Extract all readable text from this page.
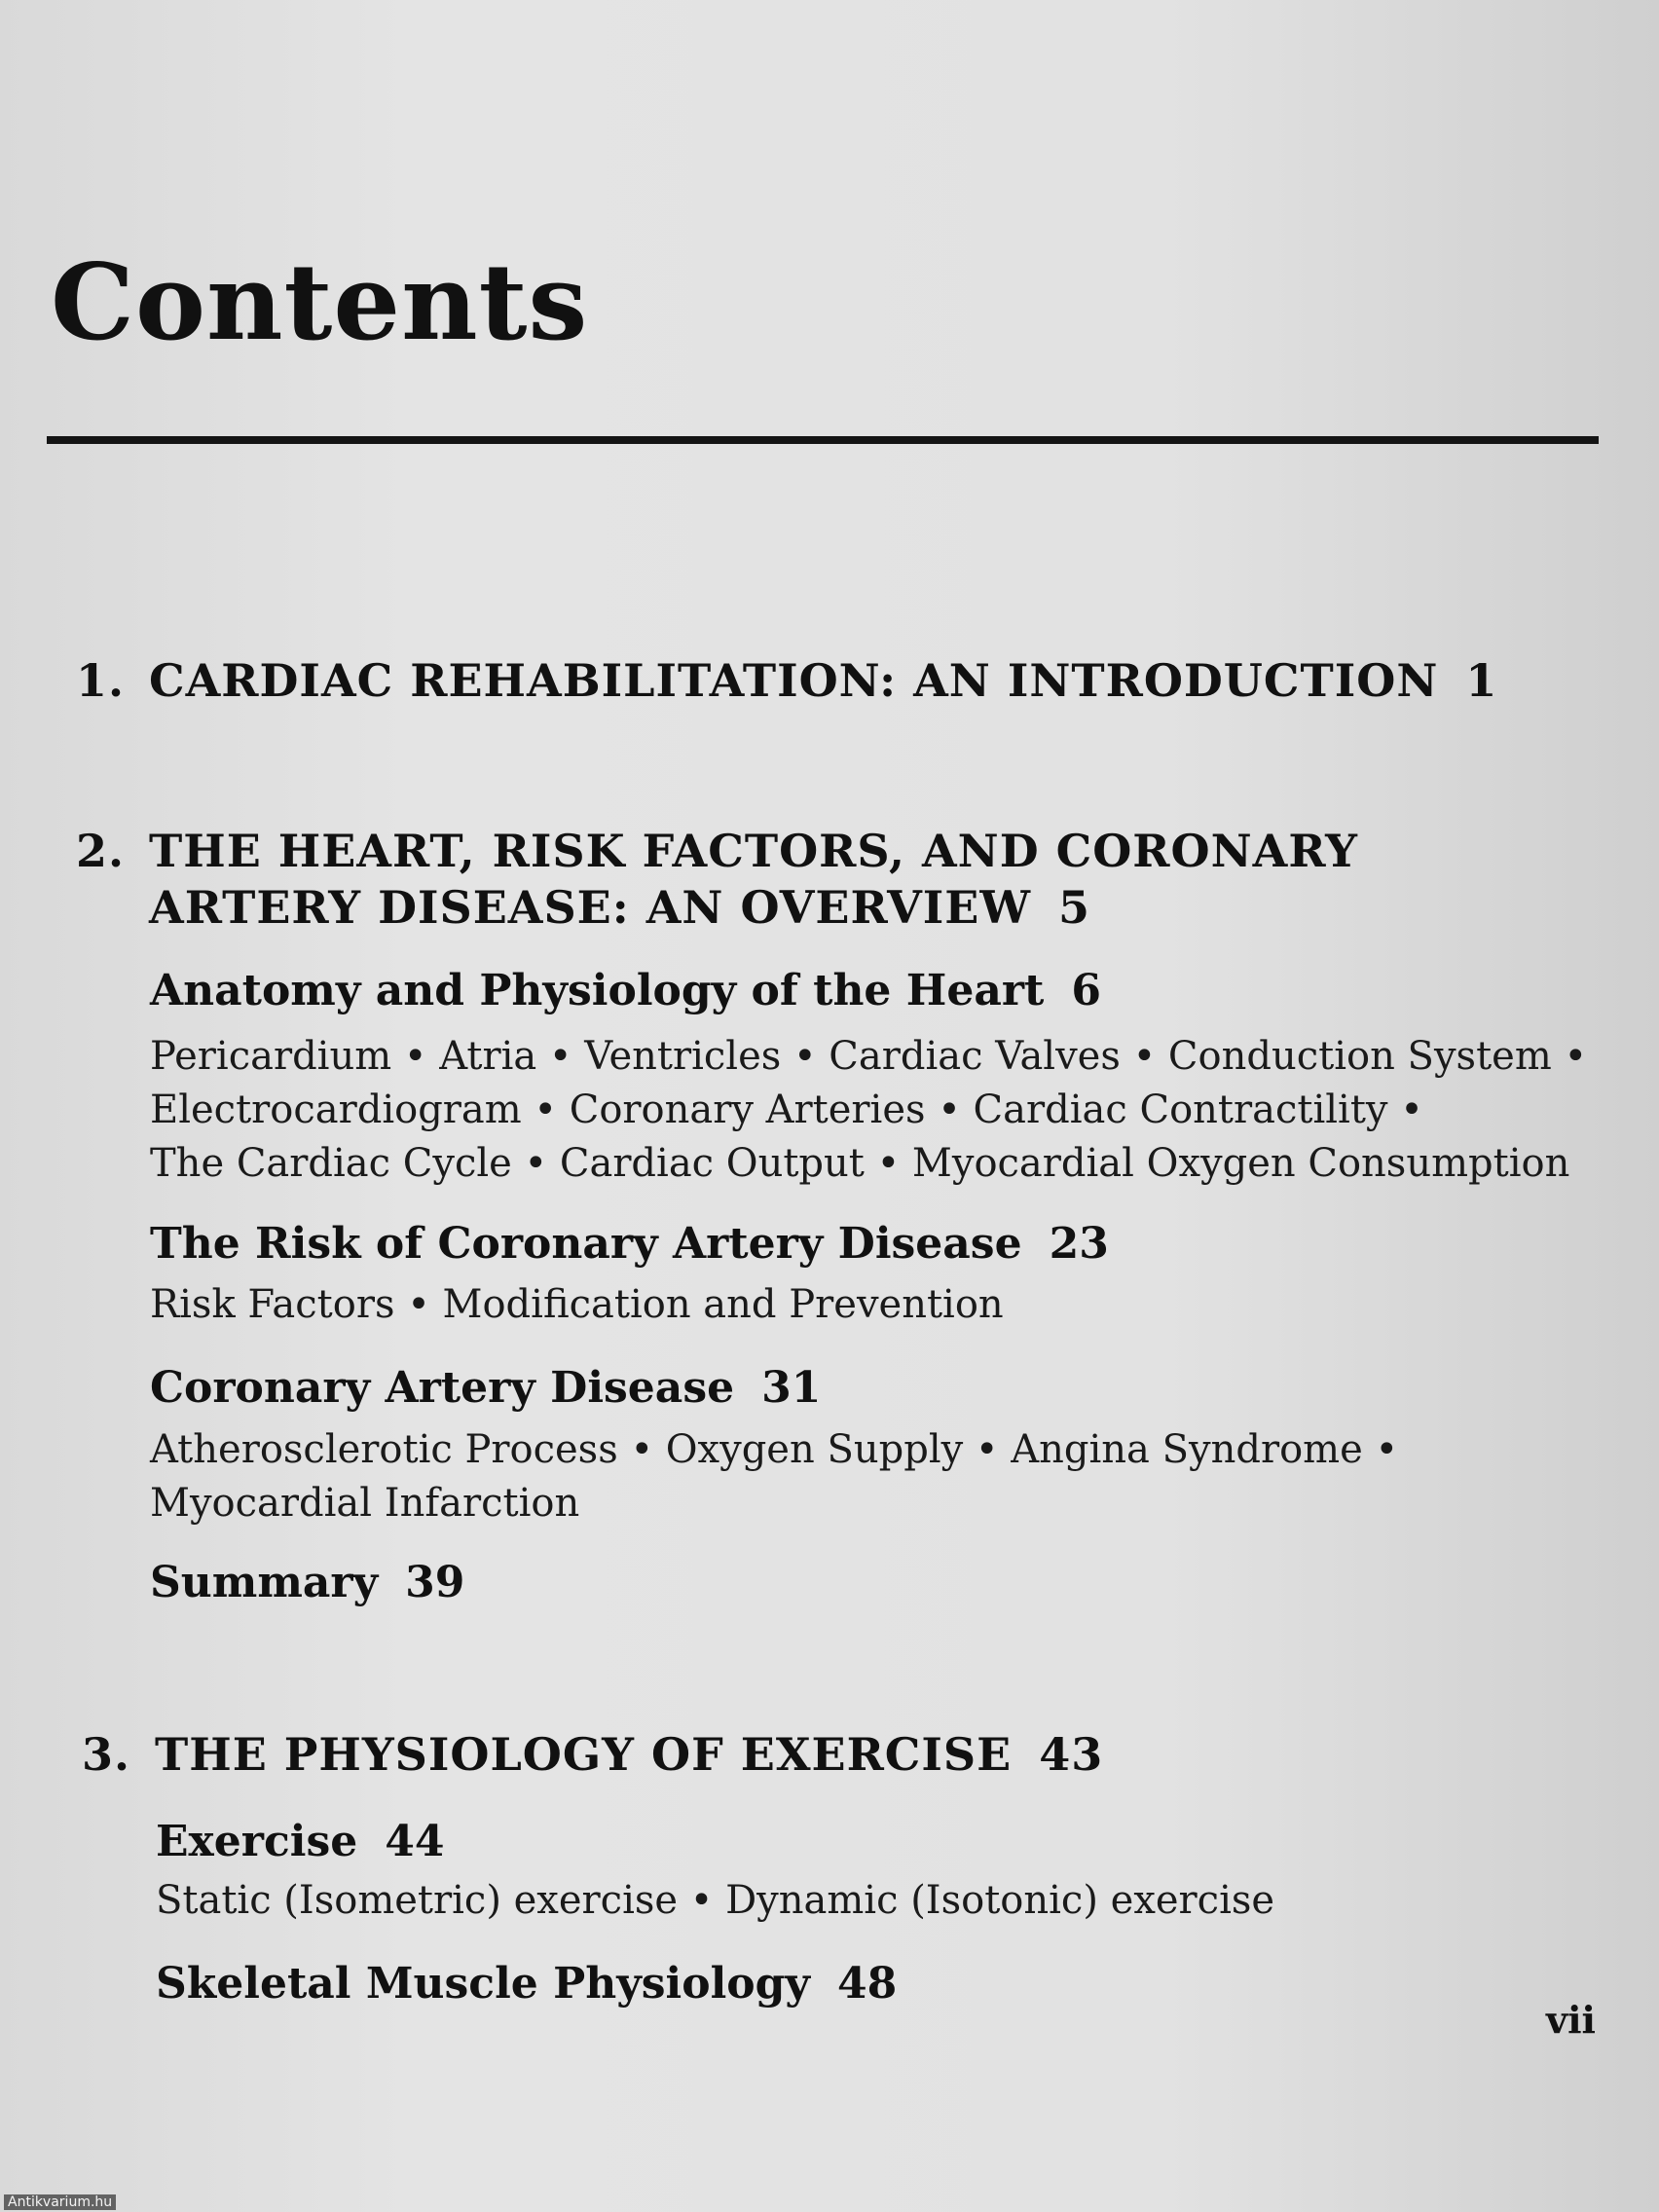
Contents
1. CARDIAC REHABILITATION: AN INTRODUCTION 1
2. THE HEART, RISK FACTORS, AND CORONARY
ARTERY DISEASE: AN OVERVIEW 5
Anatomy and Physiology of the Heart 6
Pericardium • Atria • Ventricles • Cardiac Valves • Conduction System •
Electrocardiogram • Coronary Arteries • Cardiac Contractility •
The Cardiac Cycle • Cardiac Output • Myocardial Oxygen Consumption
The Risk of Coronary Artery Disease 23
Risk Factors • Modification and Prevention
Coronary Artery Disease 31
Atherosclerotic Process • Oxygen Supply • Angina Syndrome •
Myocardial Infarction
Summary 39
3. THE PHYSIOLOGY OF EXERCISE 43
Exercise 44
Static (Isometric) exercise • Dynamic (Isotonic) exercise
Skeletal Muscle Physiology 48
vii
Antikvarium.hu
